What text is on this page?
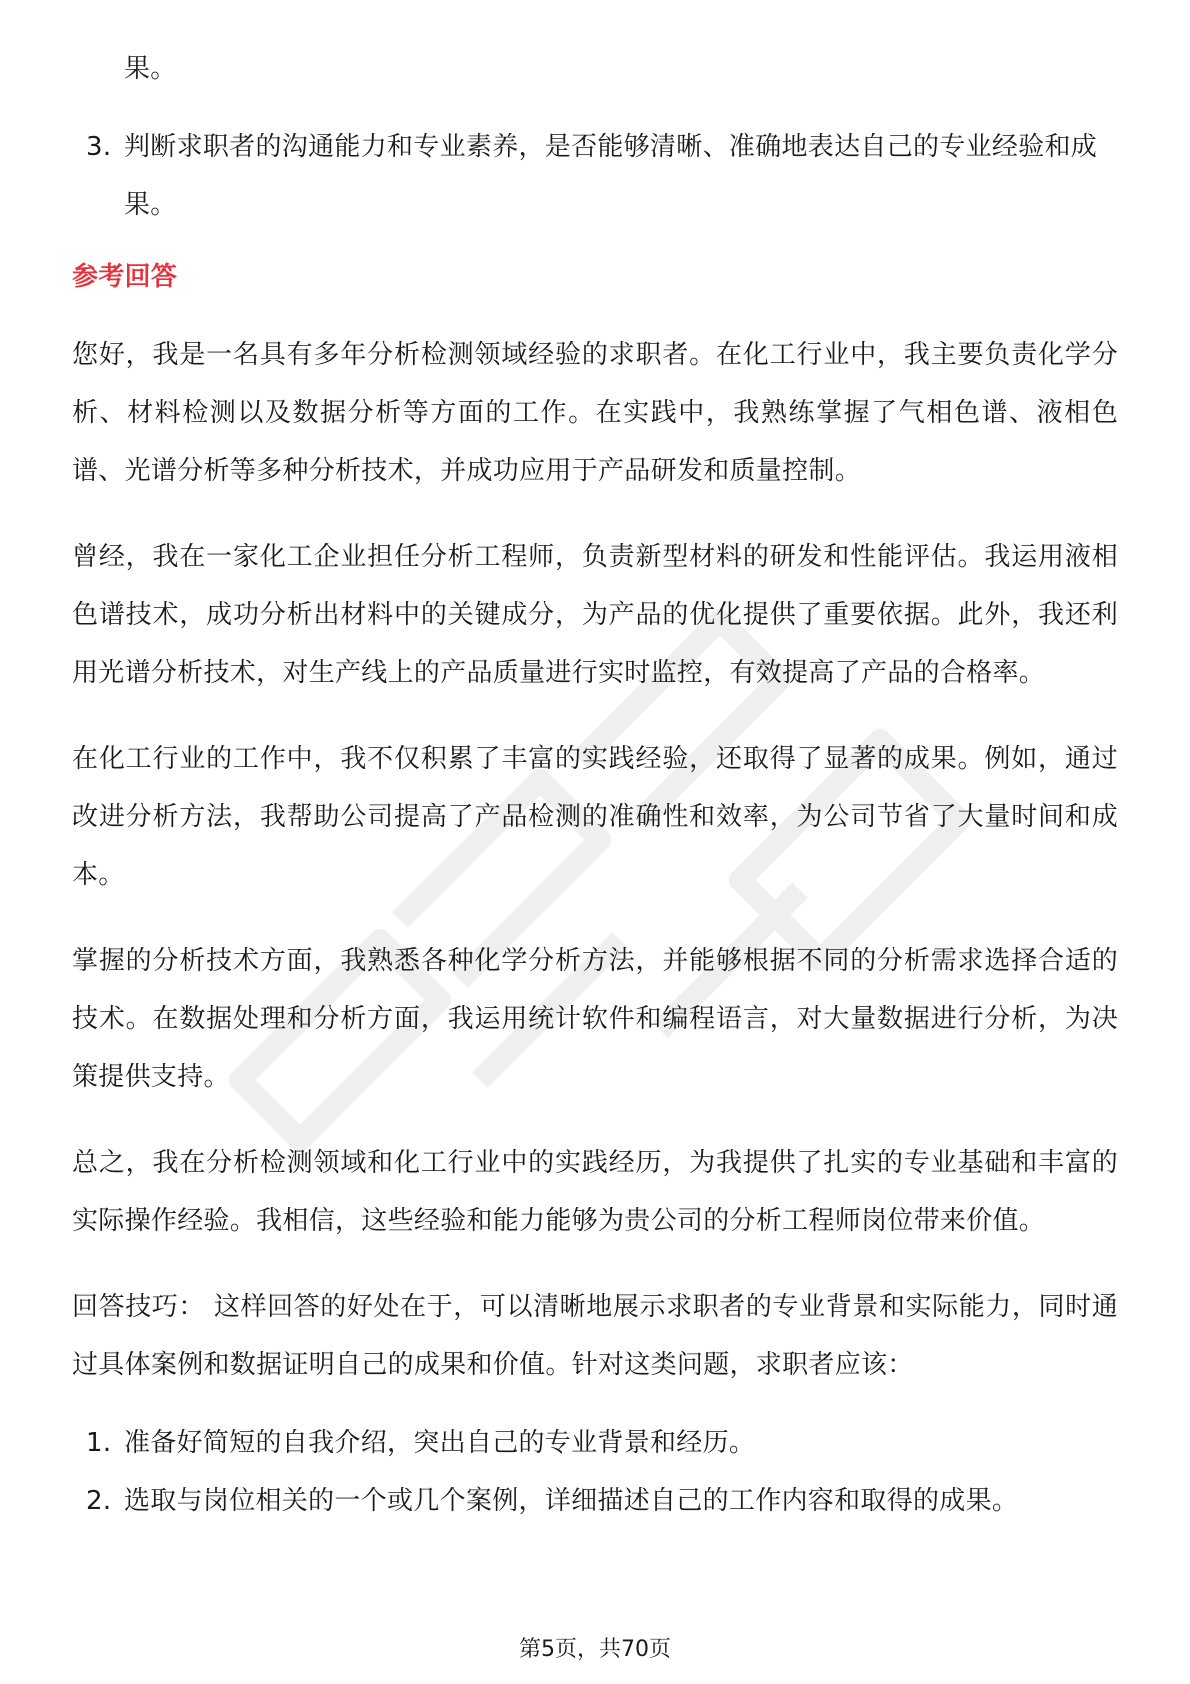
果。
3. 判断求职者的沟通能力和专业素养，是否能够清晰、准确地表达自己的专业经验和成果。
参考回答

您好，我是一名具有多年分析检测领域经验的求职者。在化工行业中，我主要负责化学分析、材料检测以及数据分析等方面的工作。在实践中，我熟练掌握了气相色谱、液相色谱、光谱分析等多种分析技术，并成功应用于产品研发和质量控制。

曾经，我在一家化工企业担任分析工程师，负责新型材料的研发和性能评估。我运用液相色谱技术，成功分析出材料中的关键成分，为产品的优化提供了重要依据。此外，我还利用光谱分析技术，对生产线上的产品质量进行实时监控，有效提高了产品的合格率。

在化工行业的工作中，我不仅积累了丰富的实践经验，还取得了显著的成果。例如，通过改进分析方法，我帮助公司提高了产品检测的准确性和效率，为公司节省了大量时间和成本。

掌握的分析技术方面，我熟悉各种化学分析方法，并能够根据不同的分析需求选择合适的技术。在数据处理和分析方面，我运用统计软件和编程语言，对大量数据进行分析，为决策提供支持。

总之，我在分析检测领域和化工行业中的实践经历，为我提供了扎实的专业基础和丰富的实际操作经验。我相信，这些经验和能力能够为贵公司的分析工程师岗位带来价值。

回答技巧： 这样回答的好处在于，可以清晰地展示求职者的专业背景和实际能力，同时通过具体案例和数据证明自己的成果和价值。针对这类问题，求职者应该：

1. 准备好简短的自我介绍，突出自己的专业背景和经历。
2. 选取与岗位相关的一个或几个案例，详细描述自己的工作内容和取得的成果。
第5页，共70页
